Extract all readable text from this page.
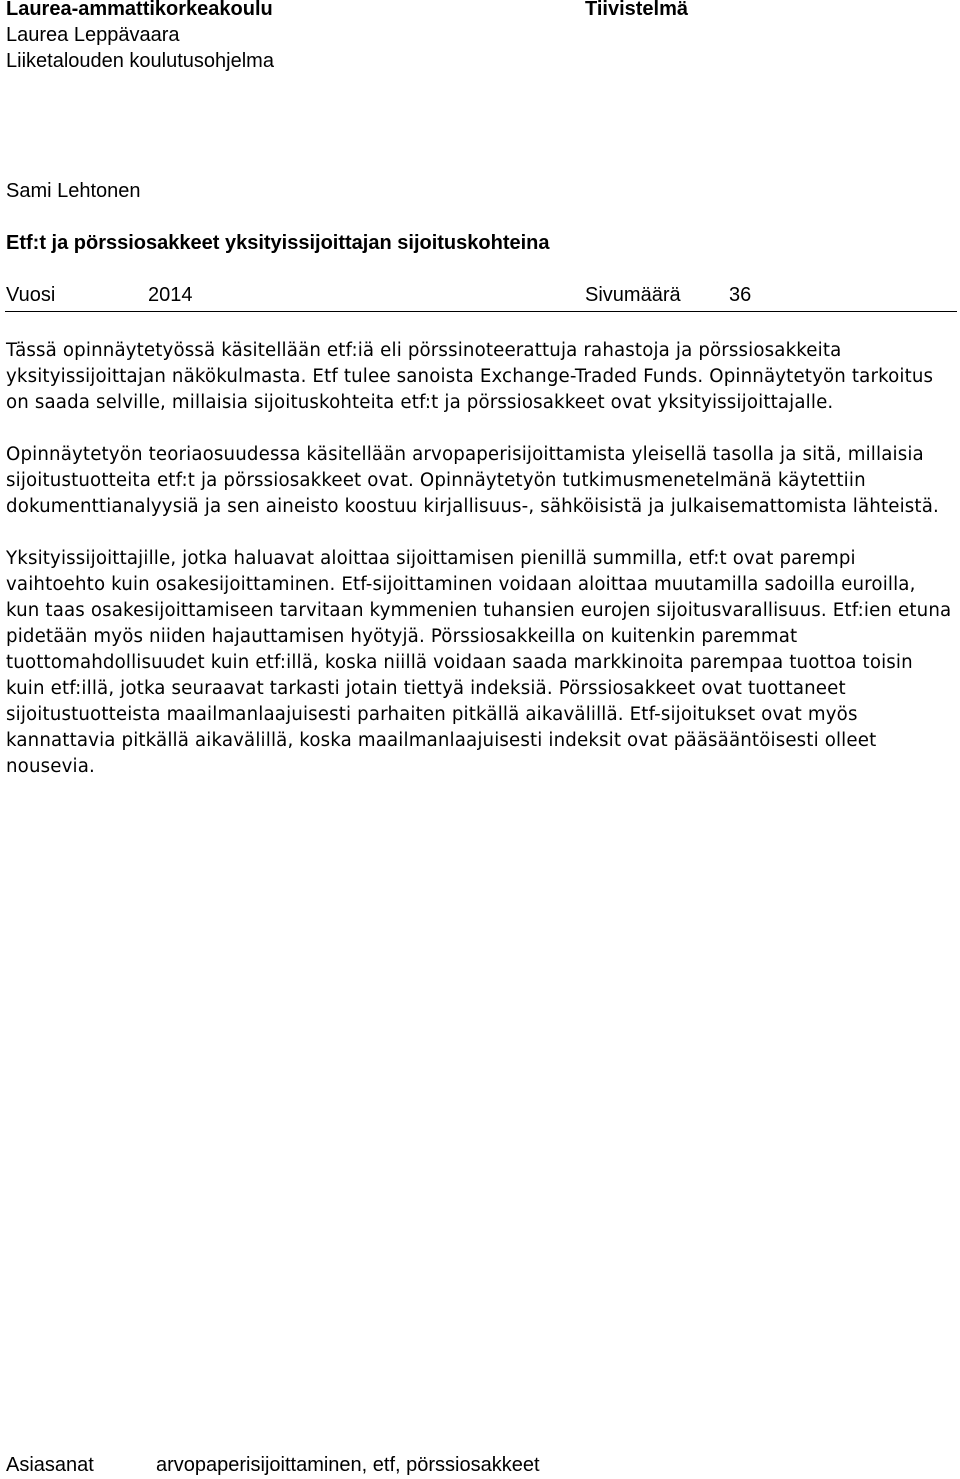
Laurea-ammattikorkeakoulu	Tiivistelmä
Laurea Leppävaara
Liiketalouden koulutusohjelma
Sami Lehtonen
Etf:t ja pörssiosakkeet yksityissijoittajan sijoituskohteina
Vuosi	2014	Sivumäärä 36

Tässä opinnäytetyössä käsitellään etf:iä eli pörssinoteerattuja rahastoja ja pörssiosakkeita yksityissijoittajan näkökulmasta. Etf tulee sanoista Exchange-Traded Funds. Opinnäytetyön tarkoitus on saada selville, millaisia sijoituskohteita etf:t ja pörssiosakkeet ovat yksityissijoittajalle.

Opinnäytetyön teoriaosuudessa käsitellään arvopaperisijoittamista yleisellä tasolla ja sitä, millaisia sijoitustuotteita etf:t ja pörssiosakkeet ovat. Opinnäytetyön tutkimusmenetelmänä käytettiin dokumenttianalyysiä ja sen aineisto koostuu kirjallisuus-, sähköisistä ja julkaisemattomista lähteistä.

Yksityissijoittajille, jotka haluavat aloittaa sijoittamisen pienillä summilla, etf:t ovat parempi vaihtoehto kuin osakesijoittaminen. Etf-sijoittaminen voidaan aloittaa muutamilla sadoilla euroilla, kun taas osakesijoittamiseen tarvitaan kymmenien tuhansien eurojen sijoitusvarallisuus. Etf:ien etuna pidetään myös niiden hajauttamisen hyötyjä. Pörssiosakkeilla on kuitenkin paremmat tuottomahdollisuudet kuin etf:illä, koska niillä voidaan saada markkinoita parempaa tuottoa toisin kuin etf:illä, jotka seuraavat tarkasti jotain tiettyä indeksiä. Pörssiosakkeet ovat tuottaneet sijoitustuotteista maailmanlaajuisesti parhaiten pitkällä aikavälillä. Etf-sijoitukset ovat myös kannattavia pitkällä aikavälillä, koska maailmanlaajuisesti indeksit ovat pääsääntöisesti olleet nousevia.

Asiasanat	arvopaperisijoittaminen, etf, pörssiosakkeet
